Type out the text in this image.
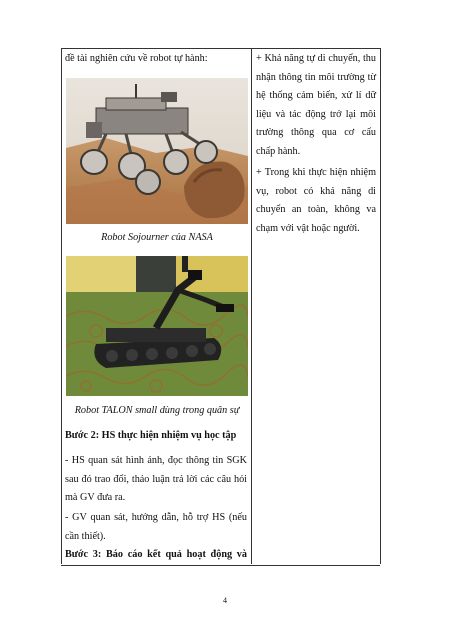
đề tài nghiên cứu về robot tự hành:
Robot Sojourner của NASA
Robot TALON small dùng trong quân sự
Bước 2: HS thực hiện nhiệm vụ học tập
- HS quan sát hình ảnh, đọc thông tin SGK sau đó trao đổi, thảo luận trả lời các câu hỏi mà GV đưa ra.
- GV quan sát, hướng dẫn, hỗ trợ HS (nếu cần thiết).
Bước 3: Báo cáo kết quả hoạt động và
+ Khả năng tự di chuyển, thu nhận thông tin môi trường từ hệ thống cảm biến, xử lí dữ liệu và tác động trở lại môi trường thông qua cơ cấu chấp hành.
+ Trong khi thực hiện nhiệm vụ, robot có khả năng di chuyển an toàn, không va chạm với vật hoặc người.
4
